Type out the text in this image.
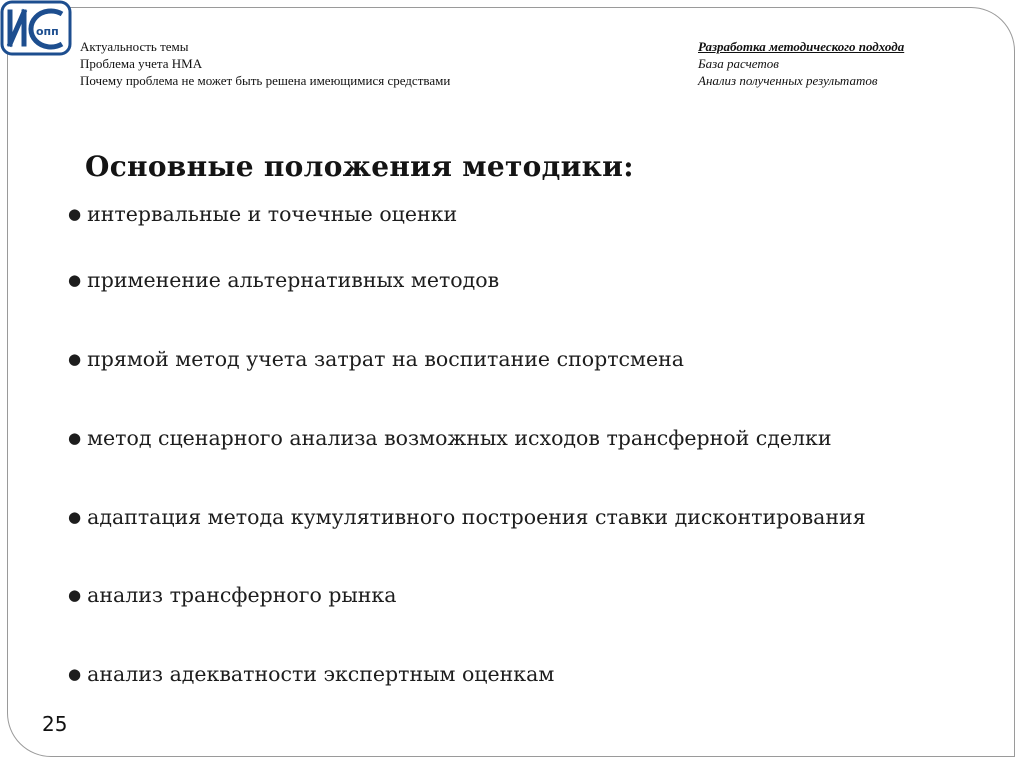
опп
Актуальность темы
Проблема учета НМА
Почему проблема не может быть решена имеющимися средствами
Разработка методического подхода
База расчетов
Анализ полученных результатов
Основные положения методики:
● интервальные и точечные оценки
● применение альтернативных методов
● прямой метод учета затрат на воспитание спортсмена
● метод сценарного анализа возможных исходов трансферной сделки
● адаптация метода кумулятивного построения ставки дисконтирования
● анализ трансферного рынка
● анализ адекватности экспертным оценкам
25
